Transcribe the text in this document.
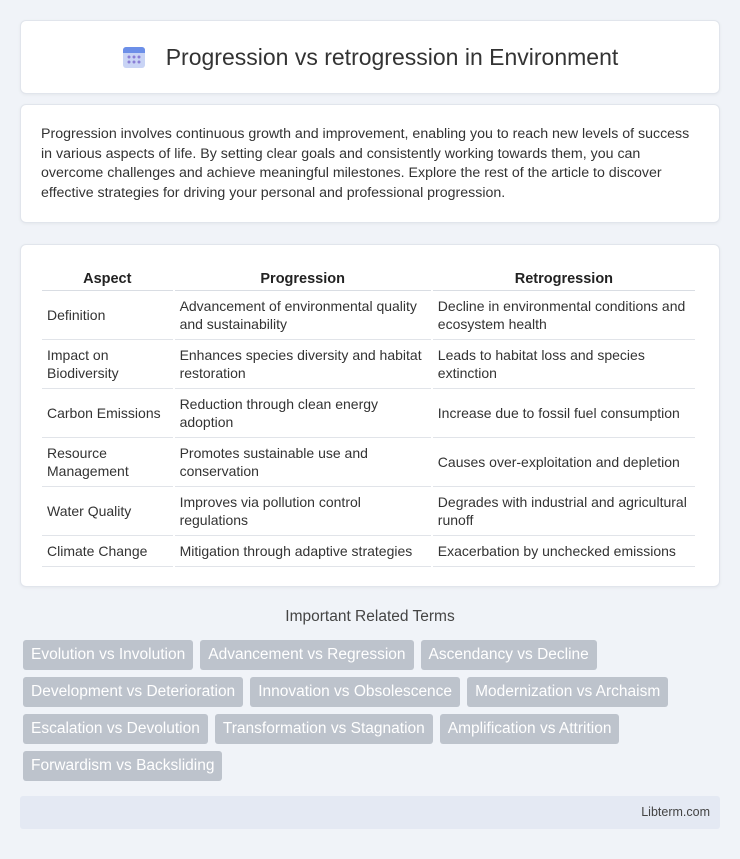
Progression vs retrogression in Environment

Progression involves continuous growth and improvement, enabling you to reach new levels of success in various aspects of life. By setting clear goals and consistently working towards them, you can overcome challenges and achieve meaningful milestones. Explore the rest of the article to discover effective strategies for driving your personal and professional progression.

Aspect	Progression	Retrogression
Definition	Advancement of environmental quality and sustainability	Decline in environmental conditions and ecosystem health
Impact on Biodiversity	Enhances species diversity and habitat restoration	Leads to habitat loss and species extinction
Carbon Emissions	Reduction through clean energy adoption	Increase due to fossil fuel consumption
Resource Management	Promotes sustainable use and conservation	Causes over-exploitation and depletion
Water Quality	Improves via pollution control regulations	Degrades with industrial and agricultural runoff
Climate Change	Mitigation through adaptive strategies	Exacerbation by unchecked emissions
Important Related Terms
Evolution vs Involution	Advancement vs Regression	Ascendancy vs Decline
Development vs Deterioration	Innovation vs Obsolescence	Modernization vs Archaism
Escalation vs Devolution	Transformation vs Stagnation	Amplification vs Attrition
Forwardism vs Backsliding
Libterm.com
